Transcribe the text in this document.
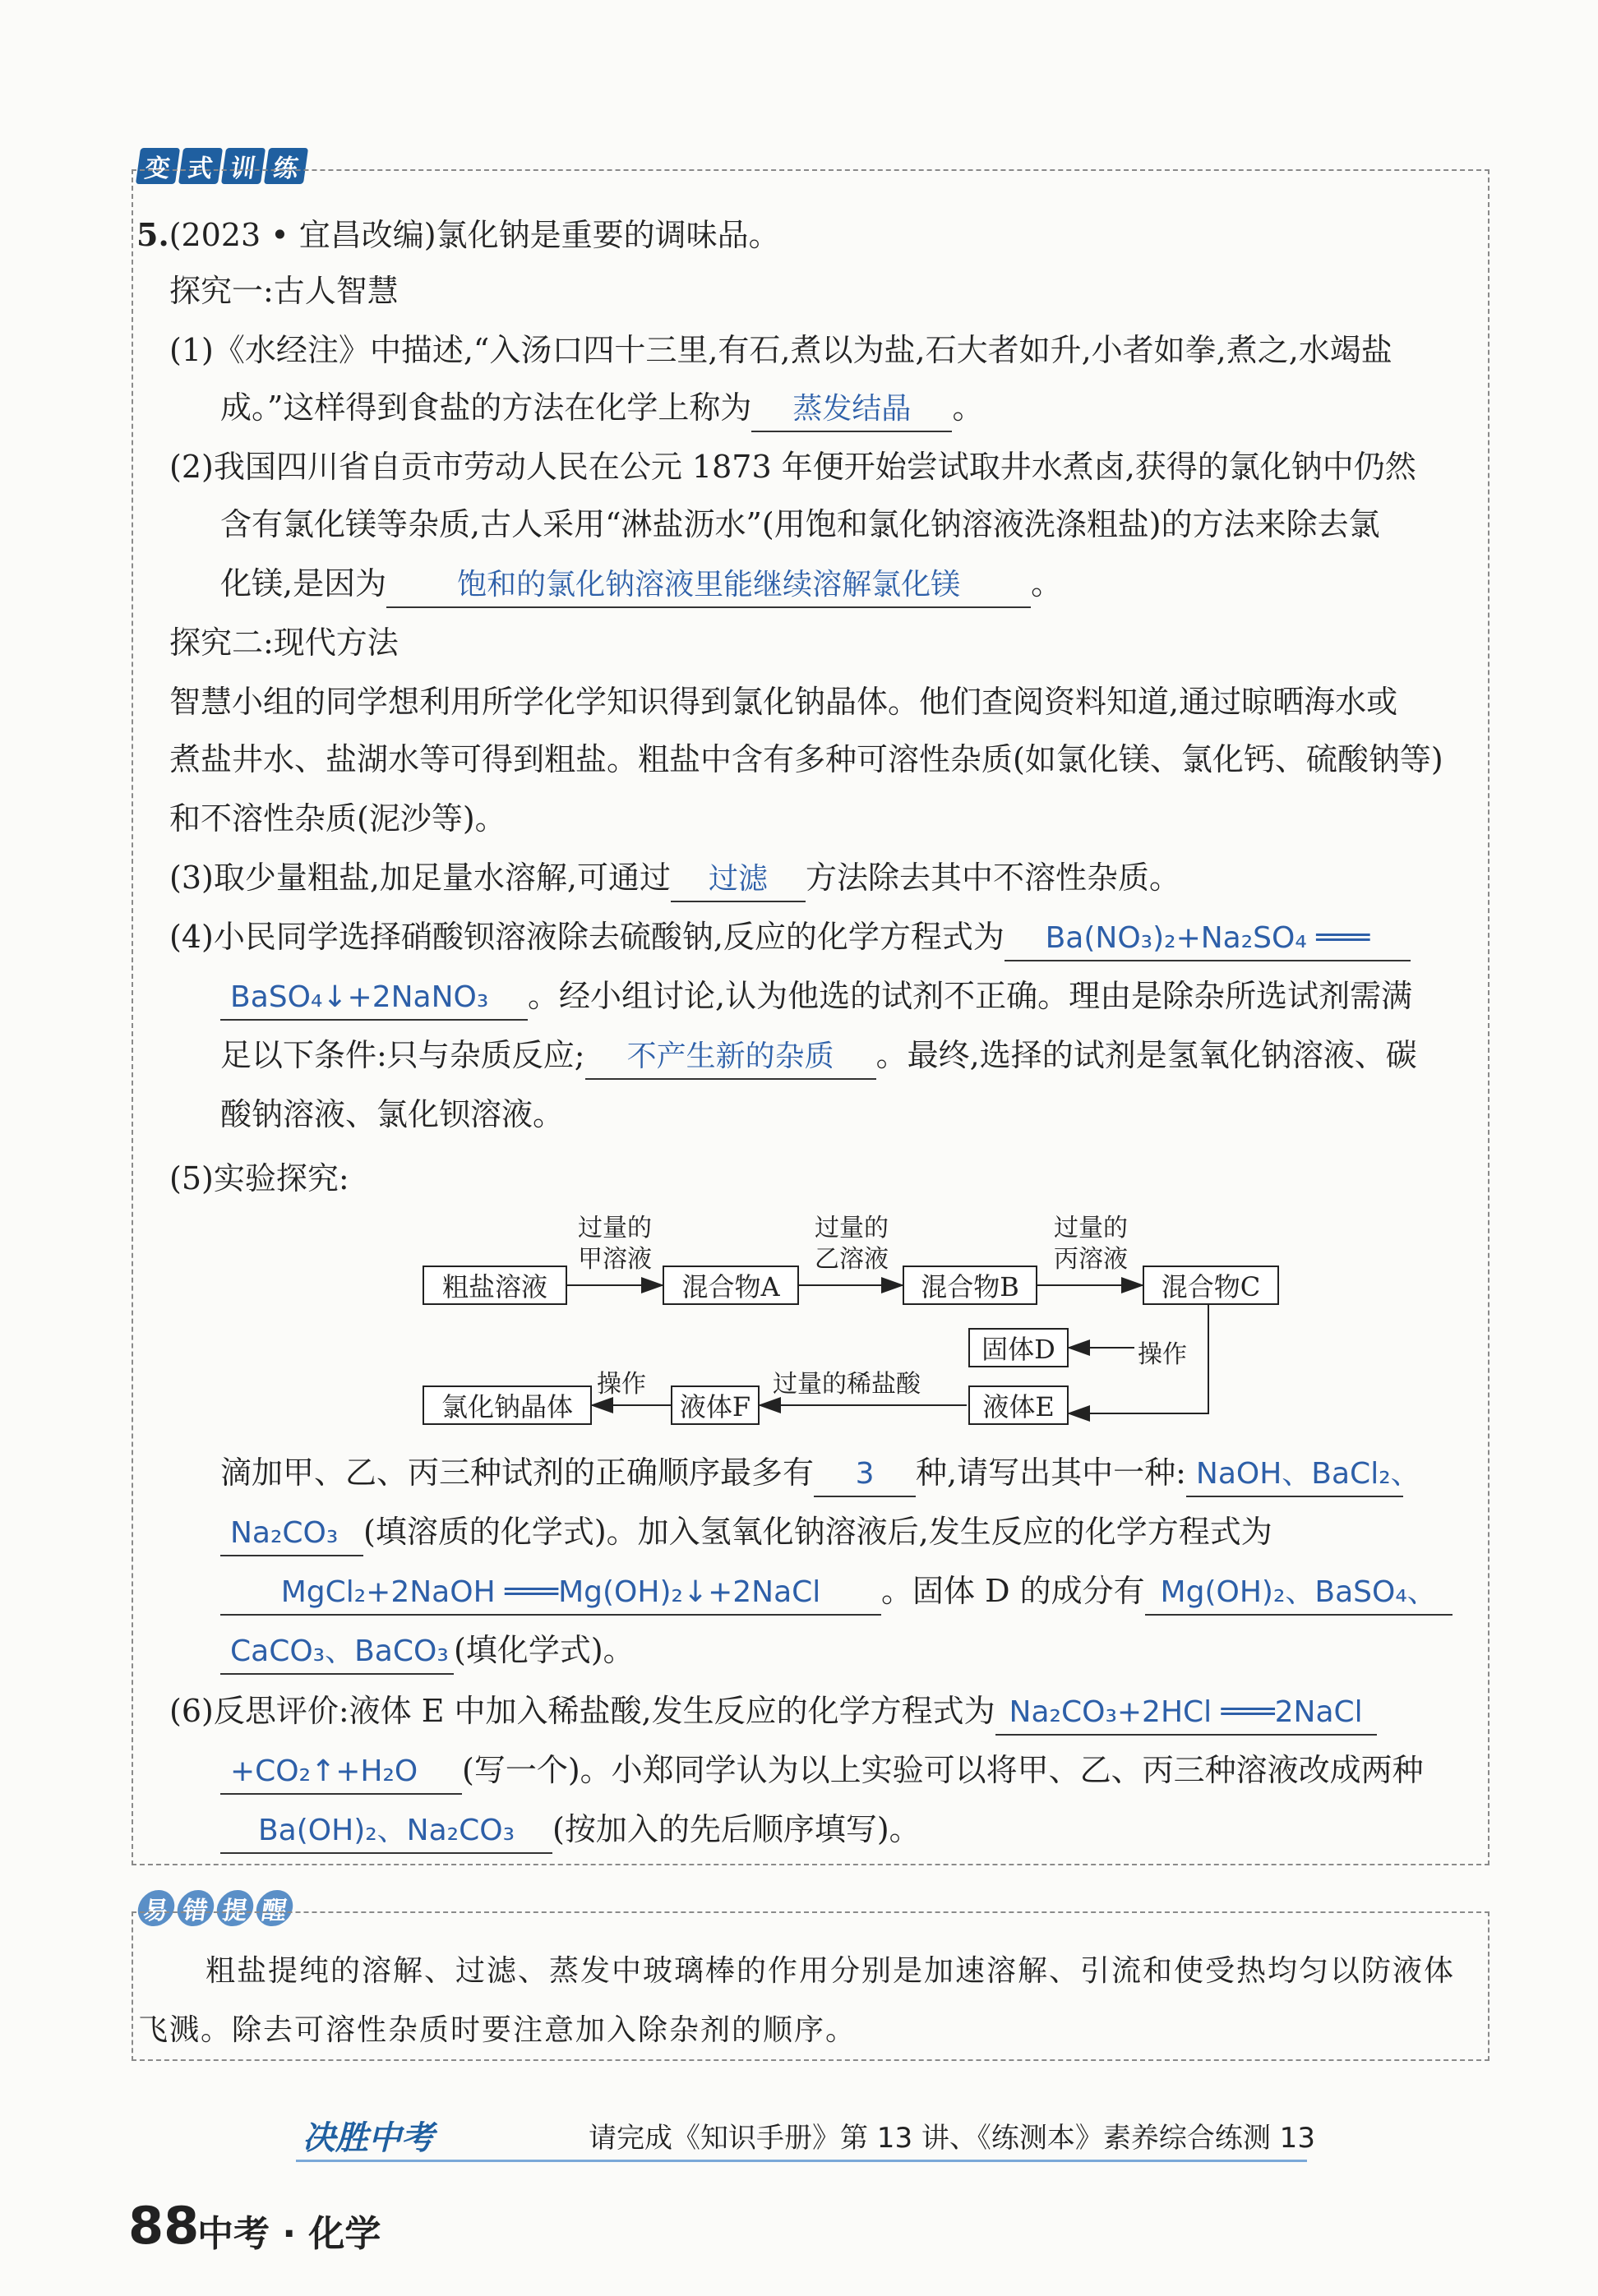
变 式 训 练
5.(2023 • 宜昌改编)氯化钠是重要的调味品。
探究一:古人智慧
(1)《水经注》中描述,“入汤口四十三里,有石,煮以为盐,石大者如升,小者如拳,煮之,水竭盐
成。”这样得到食盐的方法在化学上称为 蒸发结晶 。
(2)我国四川省自贡市劳动人民在公元 1873 年便开始尝试取井水煮卤,获得的氯化钠中仍然
含有氯化镁等杂质,古人采用“淋盐沥水”(用饱和氯化钠溶液洗涤粗盐)的方法来除去氯
化镁,是因为 饱和的氯化钠溶液里能继续溶解氯化镁 。
探究二:现代方法
智慧小组的同学想利用所学化学知识得到氯化钠晶体。他们查阅资料知道,通过晾晒海水或
煮盐井水、盐湖水等可得到粗盐。粗盐中含有多种可溶性杂质(如氯化镁、氯化钙、硫酸钠等)
和不溶性杂质(泥沙等)。
(3)取少量粗盐,加足量水溶解,可通过 过滤 方法除去其中不溶性杂质。
(4)小民同学选择硝酸钡溶液除去硫酸钠,反应的化学方程式为 Ba(NO₃)₂+Na₂SO₄ ═══
BaSO₄↓+2NaNO₃ 。经小组讨论,认为他选的试剂不正确。理由是除杂所选试剂需满
足以下条件:只与杂质反应; 不产生新的杂质 。最终,选择的试剂是氢氧化钠溶液、碳
酸钠溶液、氯化钡溶液。
(5)实验探究:
粗盐溶液	混合物A	混合物B	混合物C
固体D
液体E
液体F
氯化钠晶体
过量的
甲溶液
过量的
乙溶液
过量的
丙溶液
操作
过量的稀盐酸
操作
滴加甲、乙、丙三种试剂的正确顺序最多有 3 种,请写出其中一种: NaOH、BaCl₂、
Na₂CO₃ (填溶质的化学式)。加入氢氧化钠溶液后,发生反应的化学方程式为
MgCl₂+2NaOH ═══Mg(OH)₂↓+2NaCl 。固体 D 的成分有 Mg(OH)₂、BaSO₄、
CaCO₃、BaCO₃ (填化学式)。
(6)反思评价:液体 E 中加入稀盐酸,发生反应的化学方程式为 Na₂CO₃+2HCl ═══2NaCl
+CO₂↑+H₂O (写一个)。小郑同学认为以上实验可以将甲、乙、丙三种溶液改成两种
Ba(OH)₂、Na₂CO₃ (按加入的先后顺序填写)。
易 错 提 醒
粗盐提纯的溶解、过滤、蒸发中玻璃棒的作用分别是加速溶解、引流和使受热均匀以防液体
飞溅。除去可溶性杂质时要注意加入除杂剂的顺序。
决胜中考	请完成《知识手册》第 13 讲、《练测本》素养综合练测 13
88
中考 · 化学
